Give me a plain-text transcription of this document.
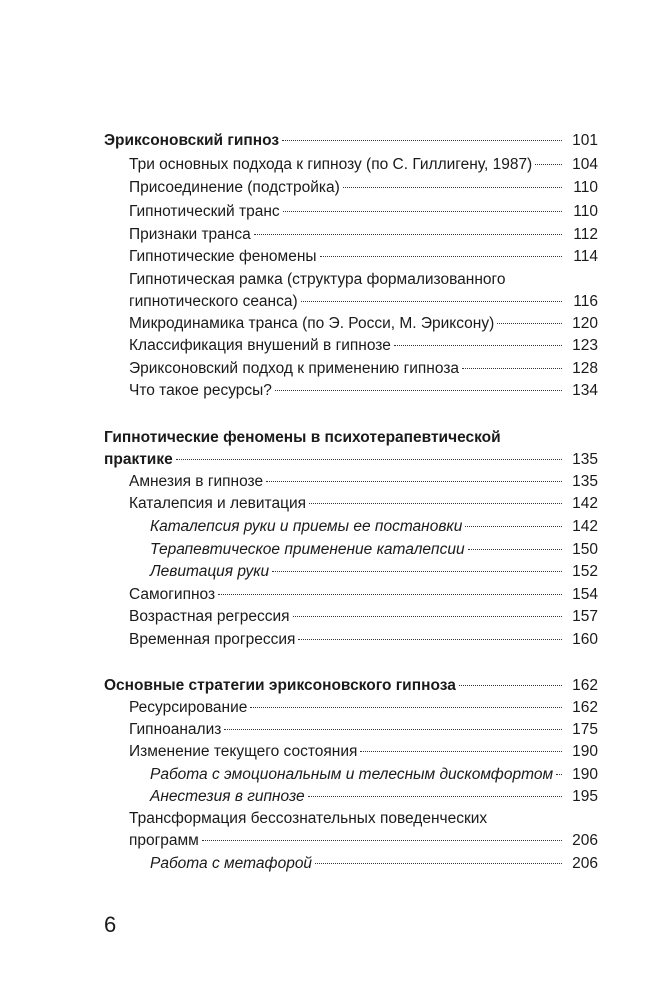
Эриксоновский гипноз	101
Три основных подхода к гипнозу (по С. Гиллигену, 1987)	104
Присоединение (подстройка)	110
Гипнотический транс	110
Признаки транса	112
Гипнотические феномены	114
Гипнотическая рамка (структура формализованного
гипнотического сеанса)	116
Микродинамика транса (по Э. Росси, М. Эриксону)	120
Классификация внушений в гипнозе	123
Эриксоновский подход к применению гипноза	128
Что такое ресурсы?	134
Гипнотические феномены в психотерапевтической
практике	135
Амнезия в гипнозе	135
Каталепсия и левитация	142
Каталепсия руки и приемы ее постановки	142
Терапевтическое применение каталепсии	150
Левитация руки	152
Самогипноз	154
Возрастная регрессия	157
Временная прогрессия	160
Основные стратегии эриксоновского гипноза	162
Ресурсирование	162
Гипноанализ	175
Изменение текущего состояния	190
Работа с эмоциональным и телесным дискомфортом	190
Анестезия в гипнозе	195
Трансформация бессознательных поведенческих
программ	206
Работа с метафорой	206
6
